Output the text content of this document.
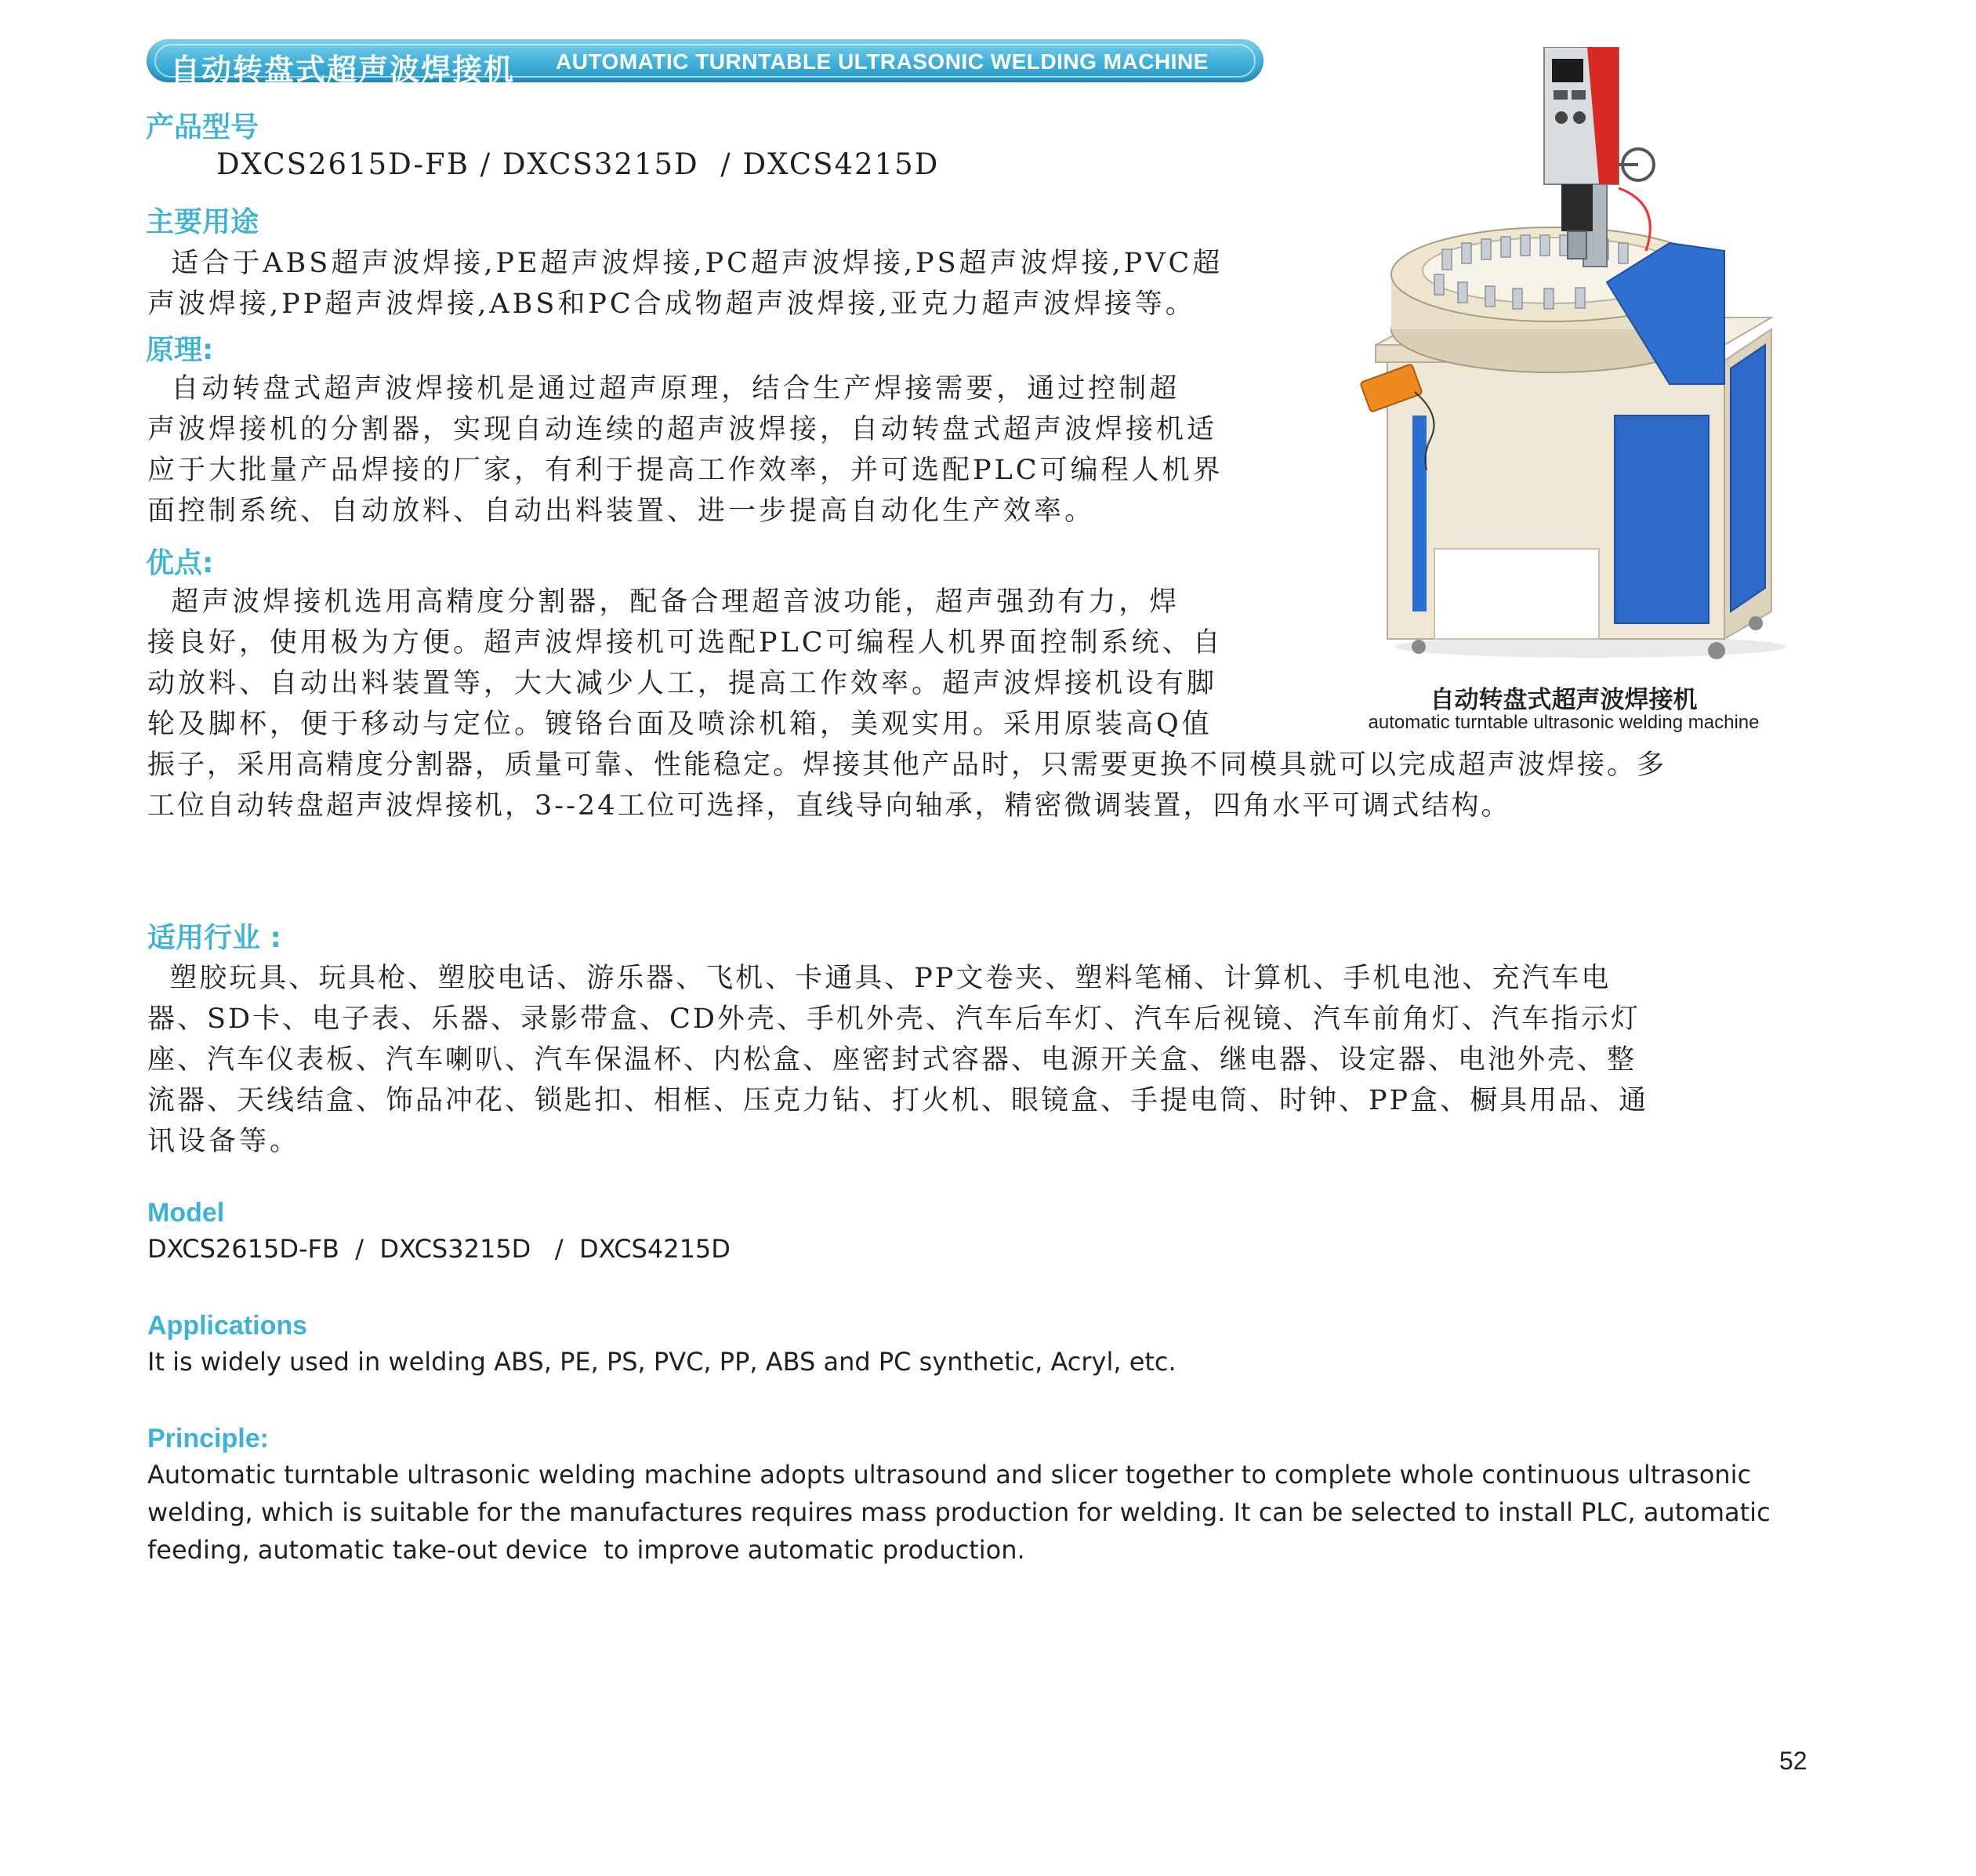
自动转盘式超声波焊接机 AUTOMATIC TURNTABLE ULTRASONIC WELDING MACHINE
产品型号
DXCS2615D-FB / DXCS3215D  / DXCS4215D
主要用途
适合于ABS超声波焊接,PE超声波焊接,PC超声波焊接,PS超声波焊接,PVC超
声波焊接,PP超声波焊接,ABS和PC合成物超声波焊接,亚克力超声波焊接等。
原理:
自动转盘式超声波焊接机是通过超声原理，结合生产焊接需要，通过控制超
声波焊接机的分割器，实现自动连续的超声波焊接，自动转盘式超声波焊接机适
应于大批量产品焊接的厂家，有利于提高工作效率，并可选配PLC可编程人机界
面控制系统、自动放料、自动出料装置、进一步提高自动化生产效率。
优点:
超声波焊接机选用高精度分割器，配备合理超音波功能，超声强劲有力，焊
接良好，使用极为方便。超声波焊接机可选配PLC可编程人机界面控制系统、自
动放料、自动出料装置等，大大减少人工，提高工作效率。超声波焊接机设有脚
轮及脚杯，便于移动与定位。镀铬台面及喷涂机箱，美观实用。采用原装高Q值
振子，采用高精度分割器，质量可靠、性能稳定。焊接其他产品时，只需要更换不同模具就可以完成超声波焊接。多
工位自动转盘超声波焊接机，3--24工位可选择，直线导向轴承，精密微调装置，四角水平可调式结构。
适用行业 :
塑胶玩具、玩具枪、塑胶电话、游乐器、飞机、卡通具、PP文卷夹、塑料笔桶、计算机、手机电池、充汽车电
器、SD卡、电子表、乐器、录影带盒、CD外壳、手机外壳、汽车后车灯、汽车后视镜、汽车前角灯、汽车指示灯
座、汽车仪表板、汽车喇叭、汽车保温杯、内松盒、座密封式容器、电源开关盒、继电器、设定器、电池外壳、整
流器、天线结盒、饰品冲花、锁匙扣、相框、压克力钻、打火机、眼镜盒、手提电筒、时钟、PP盒、橱具用品、通
讯设备等。
Model
DXCS2615D-FB  /  DXCS3215D   /  DXCS4215D
Applications
It is widely used in welding ABS, PE, PS, PVC, PP, ABS and PC synthetic, Acryl, etc.
Principle:
Automatic turntable ultrasonic welding machine adopts ultrasound and slicer together to complete whole continuous ultrasonic
welding, which is suitable for the manufactures requires mass production for welding. It can be selected to install PLC, automatic
feeding, automatic take-out device  to improve automatic production.
自动转盘式超声波焊接机
automatic turntable ultrasonic welding machine
52
